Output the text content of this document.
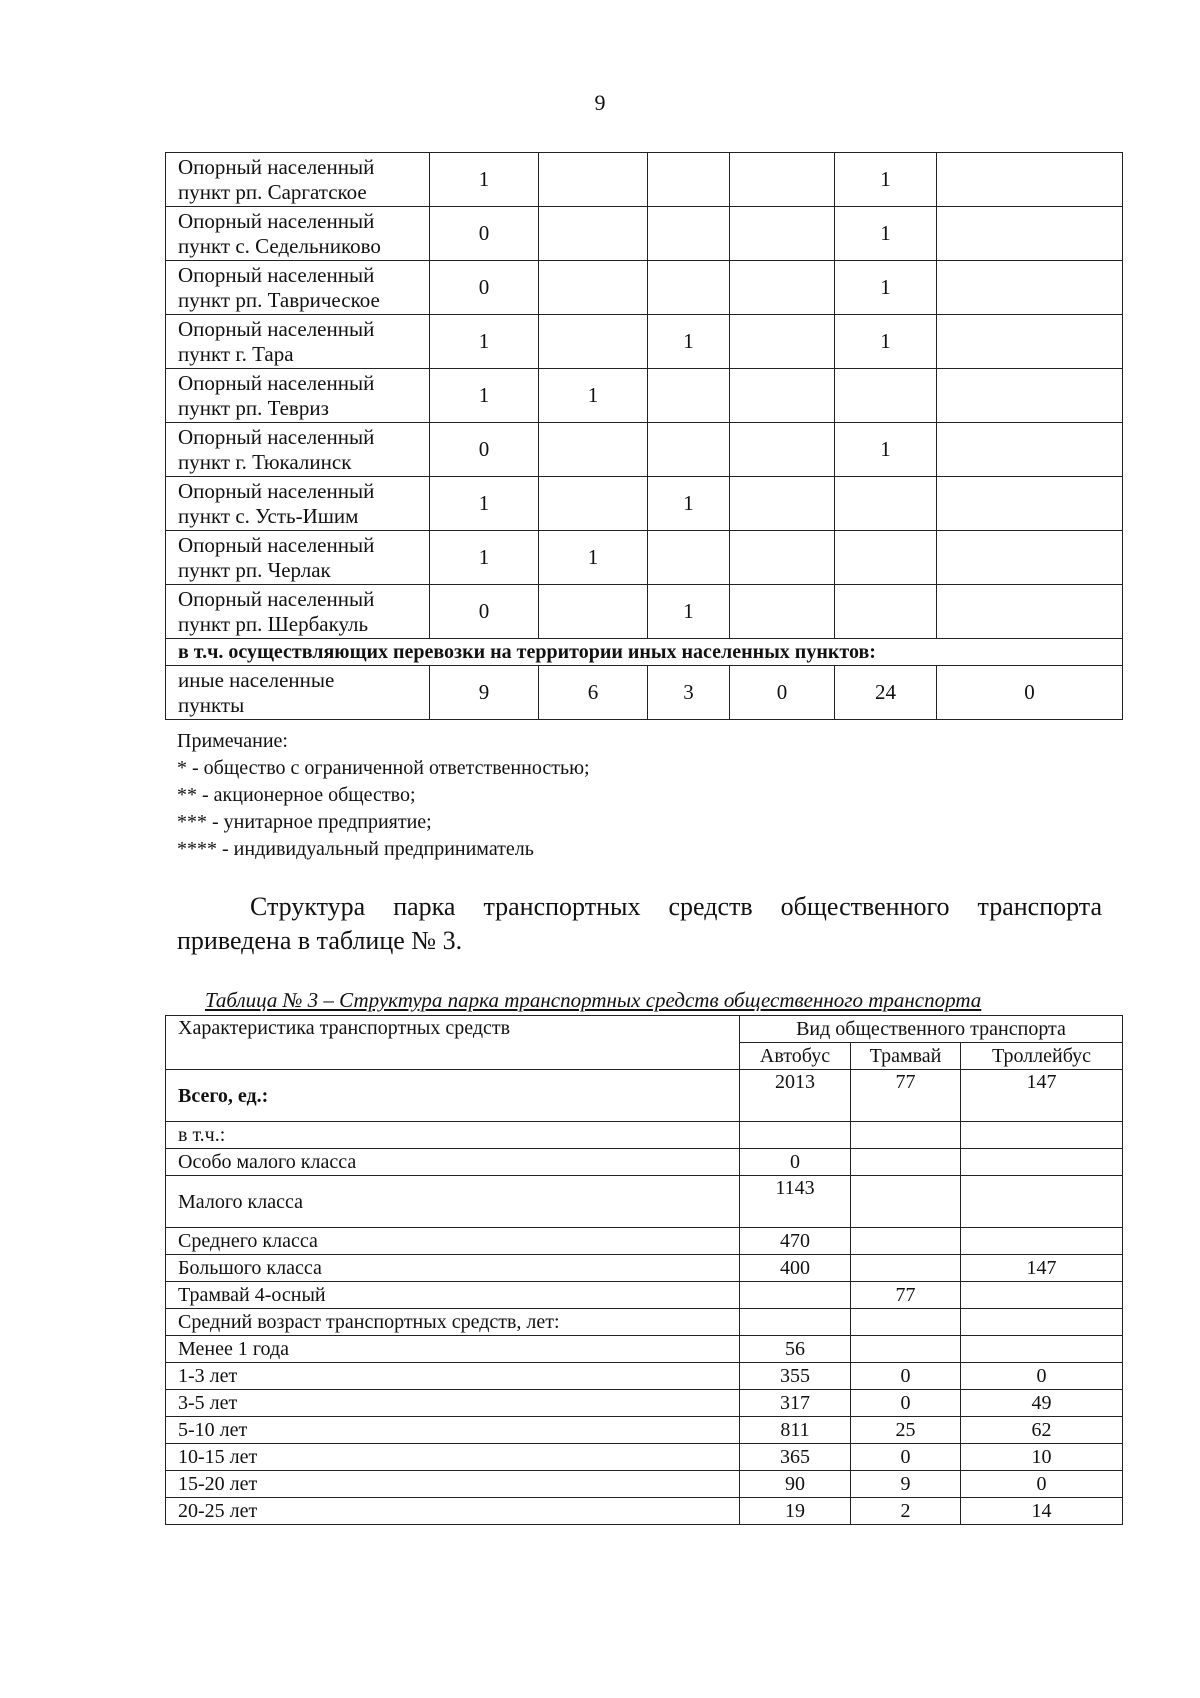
9
Опорный населенный
пункт рп. Саргатское	1				1	

Опорный населенный
пункт с. Седельниково	0				1	

Опорный населенный
пункт рп. Таврическое	0				1	

Опорный населенный
пункт г. Тара	1		1		1	

Опорный населенный
пункт рп. Тевриз	1	1				

Опорный населенный
пункт г. Тюкалинск	0				1	

Опорный населенный
пункт с. Усть-Ишим	1		1			

Опорный населенный
пункт рп. Черлак	1	1				

Опорный населенный
пункт рп. Шербакуль	0		1			
в т.ч. осуществляющих перевозки на территории иных населенных пунктов:						

иные населенные
пункты	9	6	3	0	24	0
Примечание:
* - общество с ограниченной ответственностью;
** - акционерное общество;
*** - унитарное предприятие;
**** - индивидуальный предприниматель
Структура парка транспортных средств общественного транспорта
приведена в таблице № 3.
Таблица № 3 – Структура парка транспортных средств общественного транспорта
Характеристика транспортных средств	Вид общественного транспорта		
	Автобус	Трамвай	Троллейбус
Всего, ед.:	2013	77	147
в т.ч.:			
Особо малого класса	0		
Малого класса	1143		
Среднего класса	470		
Большого класса	400		147
Трамвай 4-осный		77	
Средний возраст транспортных средств, лет:			
Менее 1 года	56		
1-3 лет	355	0	0
3-5 лет	317	0	49
5-10 лет	811	25	62
10-15 лет	365	0	10
15-20 лет	90	9	0
20-25 лет	19	2	14
